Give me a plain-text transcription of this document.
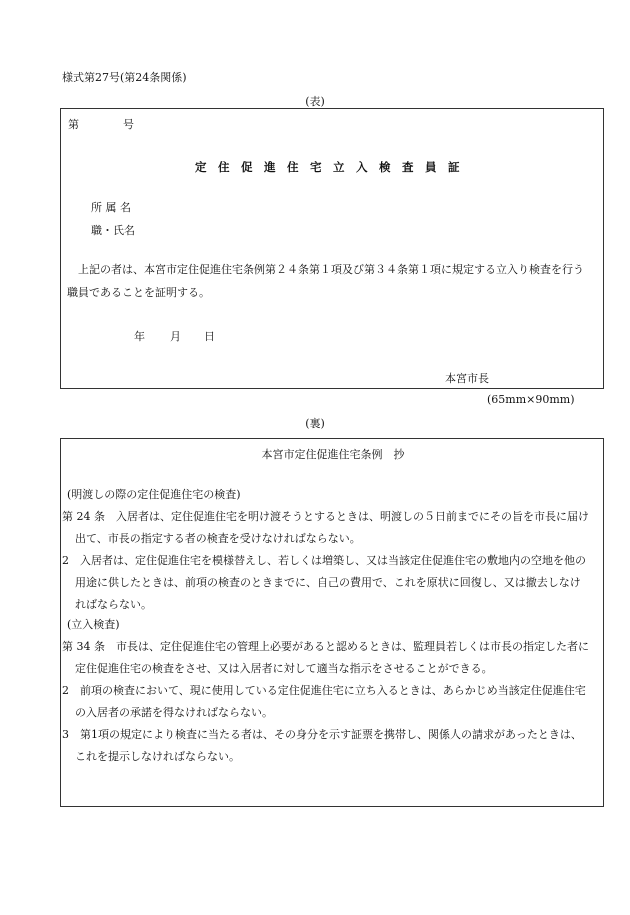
様式第27号(第24条関係)
(表)
第	号
定住促進住宅立入検査員証
所 属 名
職・氏名
上記の者は、本宮市定住促進住宅条例第２４条第１項及び第３４条第１項に規定する立入り検査を行う
職員であることを証明する。
年 月 日
本宮市長
(65mm×90mm)
(裏)
本宮市定住促進住宅条例　抄
(明渡しの際の定住促進住宅の検査)
第 24 条　入居者は、定住促進住宅を明け渡そうとするときは、明渡しの５日前までにその旨を市長に届け
出て、市長の指定する者の検査を受けなければならない。
2　入居者は、定住促進住宅を模様替えし、若しくは増築し、又は当該定住促進住宅の敷地内の空地を他の
用途に供したときは、前項の検査のときまでに、自己の費用で、これを原状に回復し、又は撤去しなけ
ればならない。
(立入検査)
第 34 条　市長は、定住促進住宅の管理上必要があると認めるときは、監理員若しくは市長の指定した者に
定住促進住宅の検査をさせ、又は入居者に対して適当な指示をさせることができる。
2　前項の検査において、現に使用している定住促進住宅に立ち入るときは、あらかじめ当該定住促進住宅
の入居者の承諾を得なければならない。
3　第1項の規定により検査に当たる者は、その身分を示す証票を携帯し、関係人の請求があったときは、
これを提示しなければならない。
